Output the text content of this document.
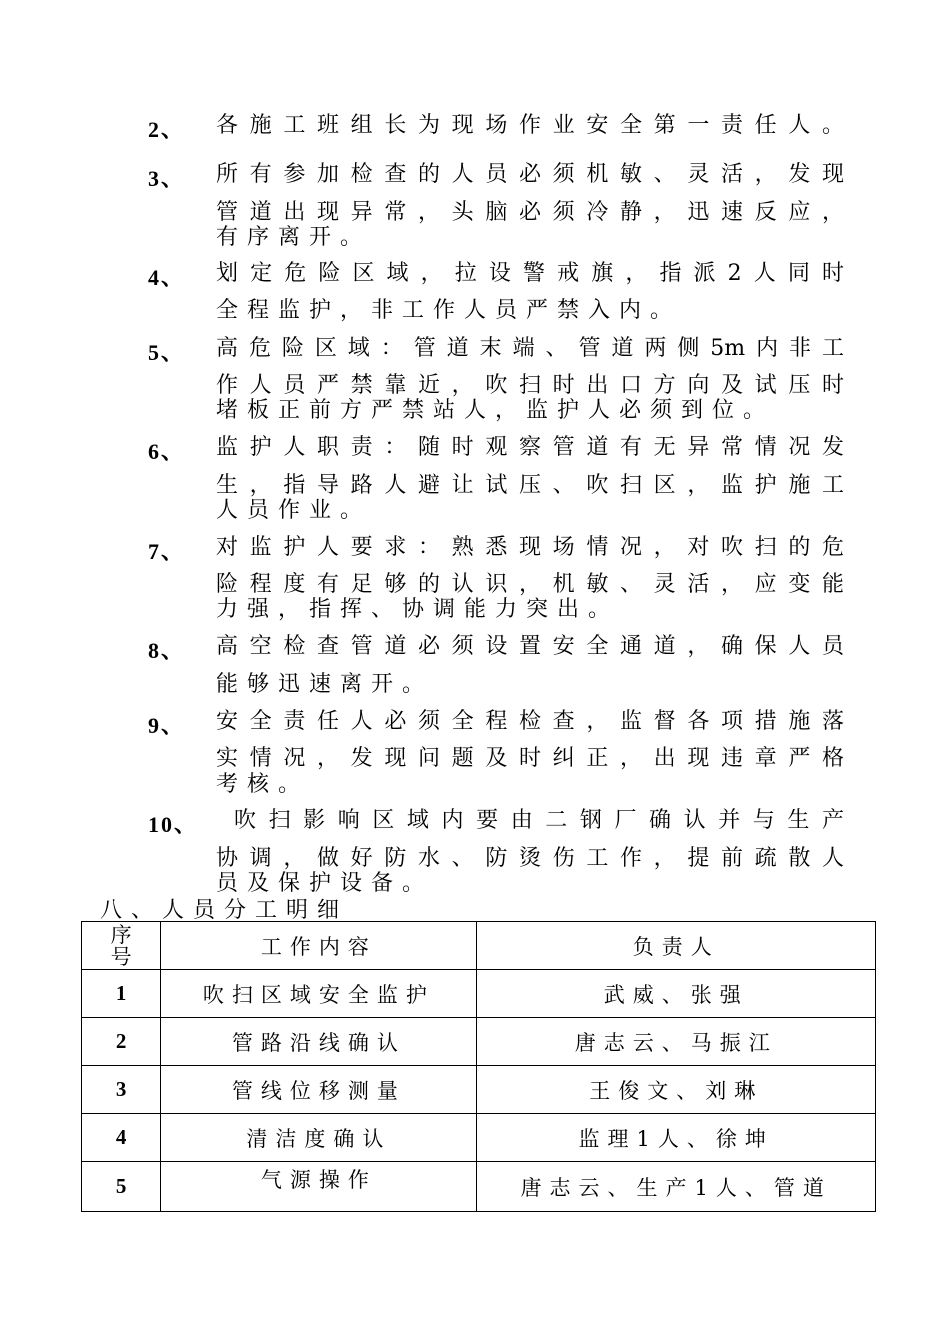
2、 各施工班组长为现场作业安全第一责任人。
3、 所有参加检查的人员必须机敏、灵活，发现
管道出现异常，头脑必须冷静，迅速反应，
有序离开。
4、 划定危险区域，拉设警戒旗，指派2人同时
全程监护，非工作人员严禁入内。
5、 高危险区域：管道末端、管道两侧5m内非工
作人员严禁靠近，吹扫时出口方向及试压时
堵板正前方严禁站人，监护人必须到位。
6、 监护人职责：随时观察管道有无异常情况发
生，指导路人避让试压、吹扫区，监护施工
人员作业。
7、 对监护人要求：熟悉现场情况，对吹扫的危
险程度有足够的认识，机敏、灵活，应变能
力强，指挥、协调能力突出。
8、 高空检查管道必须设置安全通道，确保人员
能够迅速离开。
9、 安全责任人必须全程检查，监督各项措施落
实情况，发现问题及时纠正，出现违章严格
考核。
10、 吹扫影响区域内要由二钢厂确认并与生产
协调，做好防水、防烫伤工作，提前疏散人
员及保护设备。
八、人员分工明细
序
号	工作内容	负责人
1	吹扫区域安全监护	武威、张强
2	管路沿线确认	唐志云、马振江
3	管线位移测量	王俊文、刘琳
4	清洁度确认	监理1人、徐坤
5	气源操作	唐志云、生产1人、管道
